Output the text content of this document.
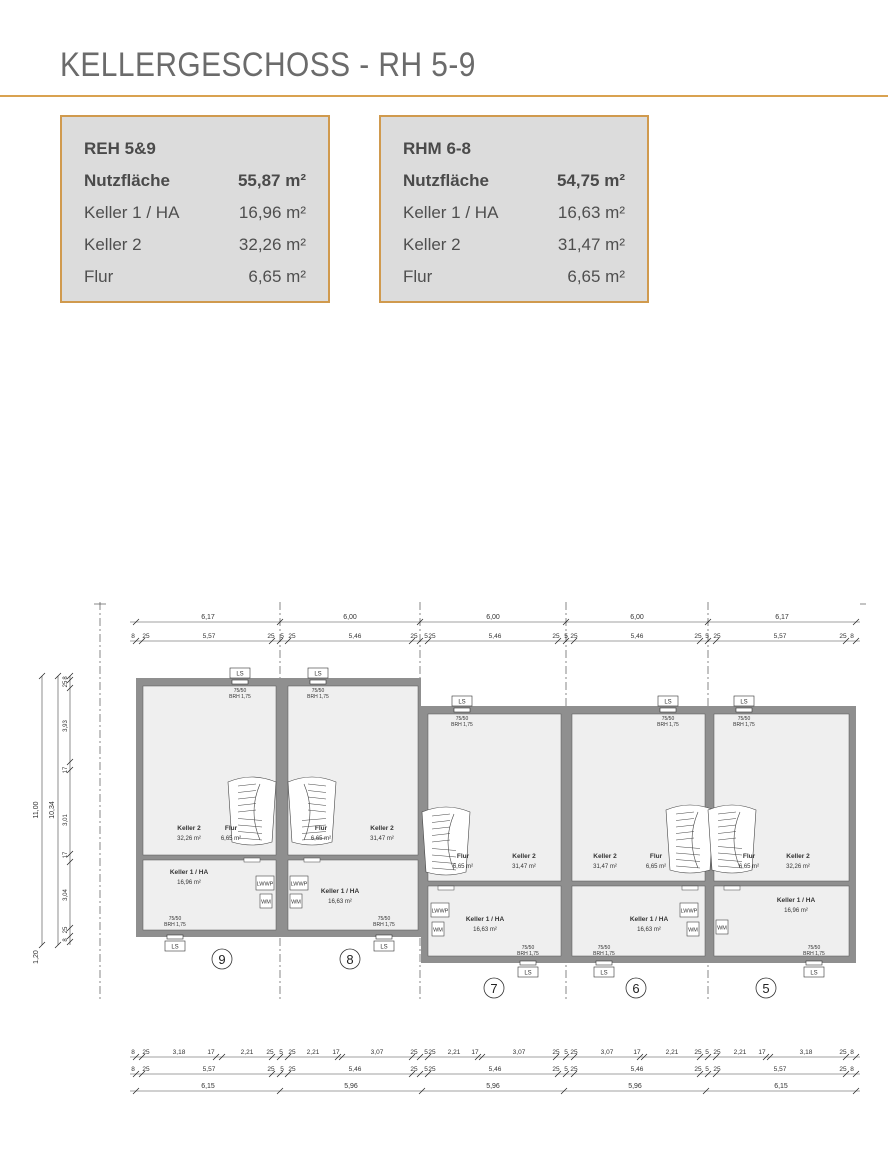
KELLERGESCHOSS - RH 5-9
REH 5&9
Nutzfläche	55,87 m²
Keller 1 / HA	16,96 m²
Keller 2	32,26 m²
Flur	6,65 m²
RHM 6-8
Nutzfläche	54,75 m²
Keller 1 / HA	16,63 m²
Keller 2	31,47 m²
Flur	6,65 m²
6,17	6,00	6,00	6,00	6,17
8 25	5,57	25 5 25	5,46	25 5 25	5,46	25 5 25	5,46	25 5 25	5,57	25 8
11,00
1,20
10,34
8
25
3,93
17
3,01
17
3,04
25
8
LWWP	LWWP
LWWP	LWWP
WM	WM
WM	WM	WM
LS
75/50
BRH 1,75
LS
75/50
BRH 1,75
LS
75/50
BRH 1,75
LS
75/50
BRH 1,75
LS
75/50
BRH 1,75
LS
75/50
BRH 1,75
LS
75/50
BRH 1,75
LS
75/50
BRH 1,75
LS
75/50
BRH 1,75
LS
75/50
BRH 1,75
Keller 2
32,26 m²
Flur
6,65 m²
Keller 1 / HA
16,96 m²
Keller 2
31,47 m²
Flur
6,65 m²
Keller 1 / HA
16,63 m²
Keller 2
31,47 m²
Flur
6,65 m²
Keller 1 / HA
16,63 m²
Keller 2
31,47 m²
Flur
6,65 m²
Keller 1 / HA
16,63 m²
Keller 2
32,26 m²
Flur
6,65 m²
Keller 1 / HA
16,96 m²
9	8
7	6	5
8 25	3,18	17	2,21 25 5 25 2,21 17	3,07	25 5 25 2,21 17	3,07	25 5 25	3,07	17	2,21 25 5 25 2,21 17	3,18	25 8
8 25	5,57	25 5 25	5,46	25 5 25	5,46	25 5 25	5,46	25 5 25	5,57	25 8
6,15	5,96	5,96	5,96	6,15
